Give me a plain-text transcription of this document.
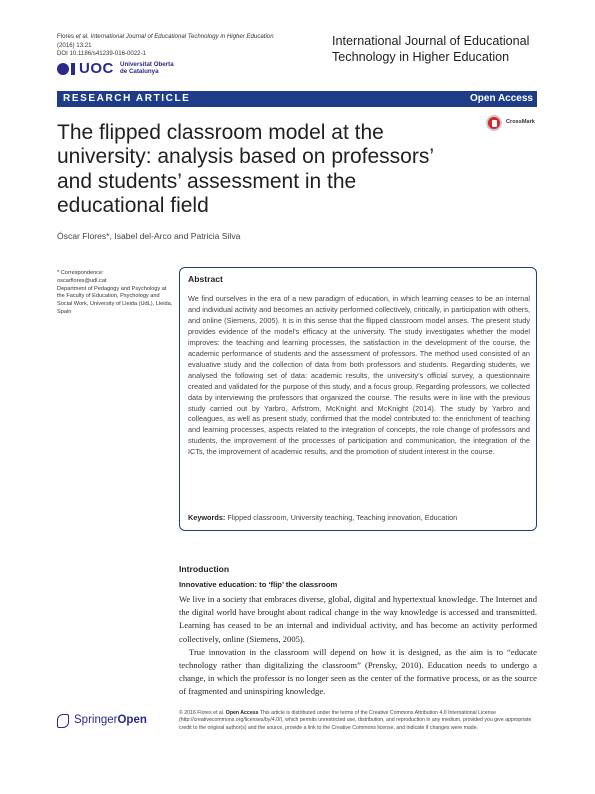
Flores et al. International Journal of Educational Technology in Higher Education (2016) 13:21
DOI 10.1186/s41239-016-0022-1
International Journal of Educational Technology in Higher Education
UOC Universitat Oberta de Catalunya
RESEARCH ARTICLE	Open Access
CrossMark
The flipped classroom model at the university: analysis based on professors’ and students’ assessment in the educational field
Óscar Flores*, Isabel del-Arco and Patricia Silva
* Correspondence:
oscarflores@udl.cat
Department of Pedagogy and Psychology at the Faculty of Education, Psychology and Social Work, University of Lleida (UdL), Lleida, Spain
Abstract
We find ourselves in the era of a new paradigm of education, in which learning ceases to be an internal and individual activity and becomes an activity performed collectively, critically, in participation with others, and online (Siemens, 2005). It is in this sense that the flipped classroom model arises. The present study provides evidence of the model’s efficacy at the university. The study investigates whether the model improves: the teaching and learning processes, the satisfaction in the development of the course, the academic performance of students and the assessment of professors. The method used consisted of an evaluative study and the collection of data from both professors and students. Regarding students, we analysed the following set of data: academic results, the university’s official survey, a questionnaire created and validated for the purpose of this study, and a focus group. Regarding professors, we collected data by interviewing the professors that organized the course. The results were in line with the previous study carried out by Yarbro, Arfstrom, McKnight and McKnight (2014). The study by Yarbro and colleagues, as well as present study, confirmed that the model contributed to: the enrichment of teaching and learning processes, aspects related to the integration of concepts, the role change of professors and students, the improvement of the processes of participation and communication, the integration of the ICTs, the improvement of academic results, and the promotion of student interest in the course.
Keywords: Flipped classroom, University teaching, Teaching innovation, Education
Introduction
Innovative education: to ‘flip’ the classroom

We live in a society that embraces diverse, global, digital and hypertextual knowledge. The Internet and the digital world have brought about radical change in the way knowledge is accessed and transmitted. Learning has ceased to be an internal and individual activity, and has become an activity performed collectively, online (Siemens, 2005).

True innovation in the classroom will depend on how it is designed, as the aim is to “educate technology rather than digitalizing the classroom” (Prensky, 2010). Education needs to undergo a change, in which the professor is no longer seen as the center of the formative process, or as the source of fragmented and uninspiring knowledge.

SpringerOpen
© 2016 Flores et al. Open Access This article is distributed under the terms of the Creative Commons Attribution 4.0 International License (http://creativecommons.org/licenses/by/4.0/), which permits unrestricted use, distribution, and reproduction in any medium, provided you give appropriate credit to the original author(s) and the source, provide a link to the Creative Commons license, and indicate if changes were made.
